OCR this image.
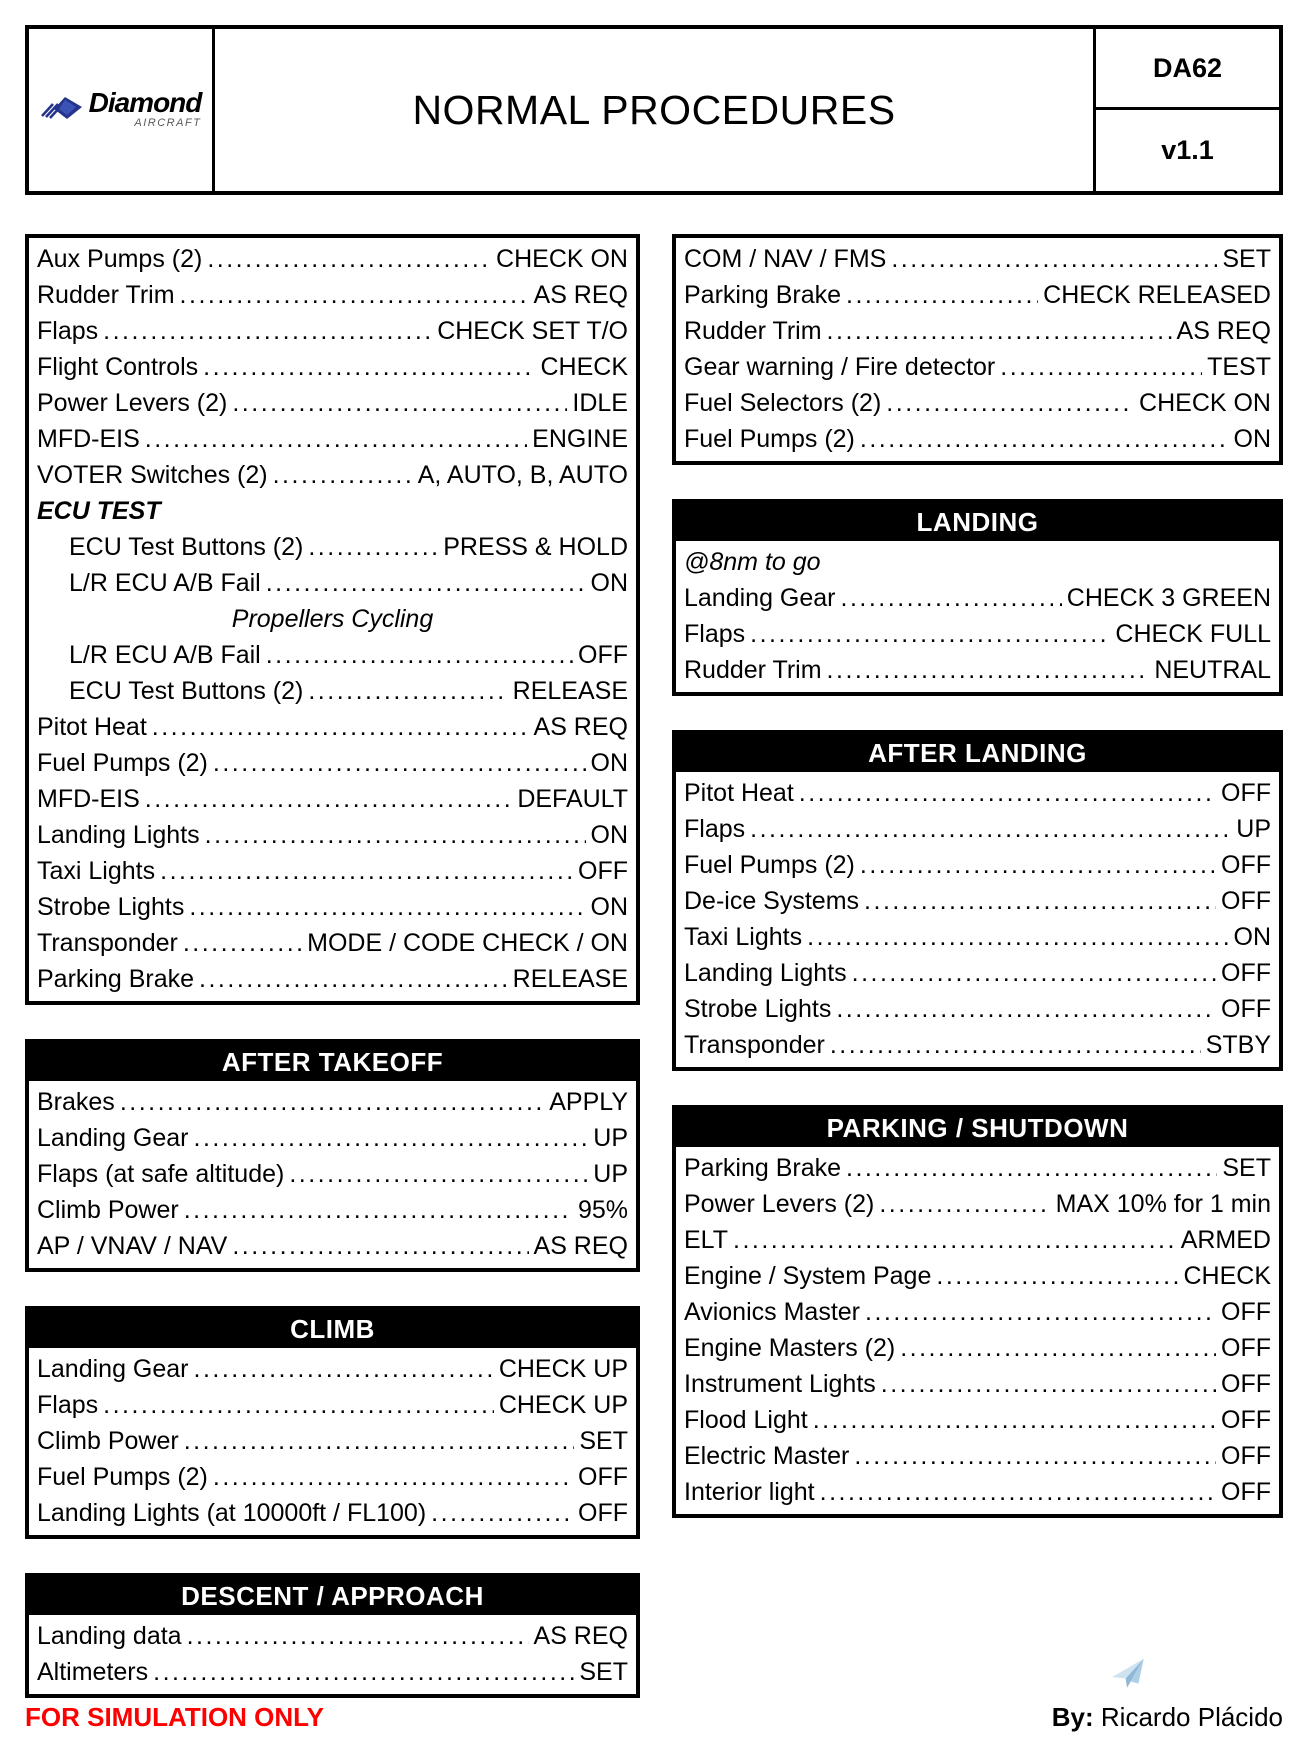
Diamond
AIRCRAFT	NORMAL PROCEDURES
DA62
v1.1
Aux Pumps (2) .....	CHECK ON
Rudder Trim .....	AS REQ
Flaps .....	CHECK SET T/O
Flight Controls .....	CHECK
Power Levers (2) .....	IDLE
MFD-EIS .....	ENGINE
VOTER Switches (2) .....	A, AUTO, B, AUTO
ECU TEST
ECU Test Buttons (2) .....	PRESS & HOLD
L/R ECU A/B Fail .....	ON
Propellers Cycling
L/R ECU A/B Fail .....	OFF
ECU Test Buttons (2) .....	RELEASE
Pitot Heat .....	AS REQ
Fuel Pumps (2) .....	ON
MFD-EIS .....	DEFAULT
Landing Lights .....	ON
Taxi Lights .....	OFF
Strobe Lights .....	ON
Transponder .....	MODE / CODE CHECK / ON
Parking Brake .....	RELEASE
AFTER TAKEOFF
Brakes .....	APPLY
Landing Gear .....	UP
Flaps (at safe altitude) .....	UP
Climb Power .....	95%
AP / VNAV / NAV .....	AS REQ
CLIMB
Landing Gear .....	CHECK UP
Flaps .....	CHECK UP
Climb Power .....	SET
Fuel Pumps (2) .....	OFF
Landing Lights (at 10000ft / FL100) .....	OFF
DESCENT / APPROACH
Landing data .....	AS REQ
Altimeters .....	SET
COM / NAV / FMS .....	SET
Parking Brake .....	CHECK RELEASED
Rudder Trim .....	AS REQ
Gear warning / Fire detector .....	TEST
Fuel Selectors (2) .....	CHECK ON
Fuel Pumps (2) .....	ON
LANDING
@8nm to go
Landing Gear .....	CHECK 3 GREEN
Flaps .....	CHECK FULL
Rudder Trim .....	NEUTRAL
AFTER LANDING
Pitot Heat .....	OFF
Flaps .....	UP
Fuel Pumps (2) .....	OFF
De-ice Systems .....	OFF
Taxi Lights .....	ON
Landing Lights .....	OFF
Strobe Lights .....	OFF
Transponder .....	STBY
PARKING / SHUTDOWN
Parking Brake .....	SET
Power Levers (2) .....	MAX 10% for 1 min
ELT .....	ARMED
Engine / System Page .....	CHECK
Avionics Master .....	OFF
Engine Masters (2) .....	OFF
Instrument Lights .....	OFF
Flood Light .....	OFF
Electric Master .....	OFF
Interior light .....	OFF
FOR SIMULATION ONLY	By: Ricardo Plácido
